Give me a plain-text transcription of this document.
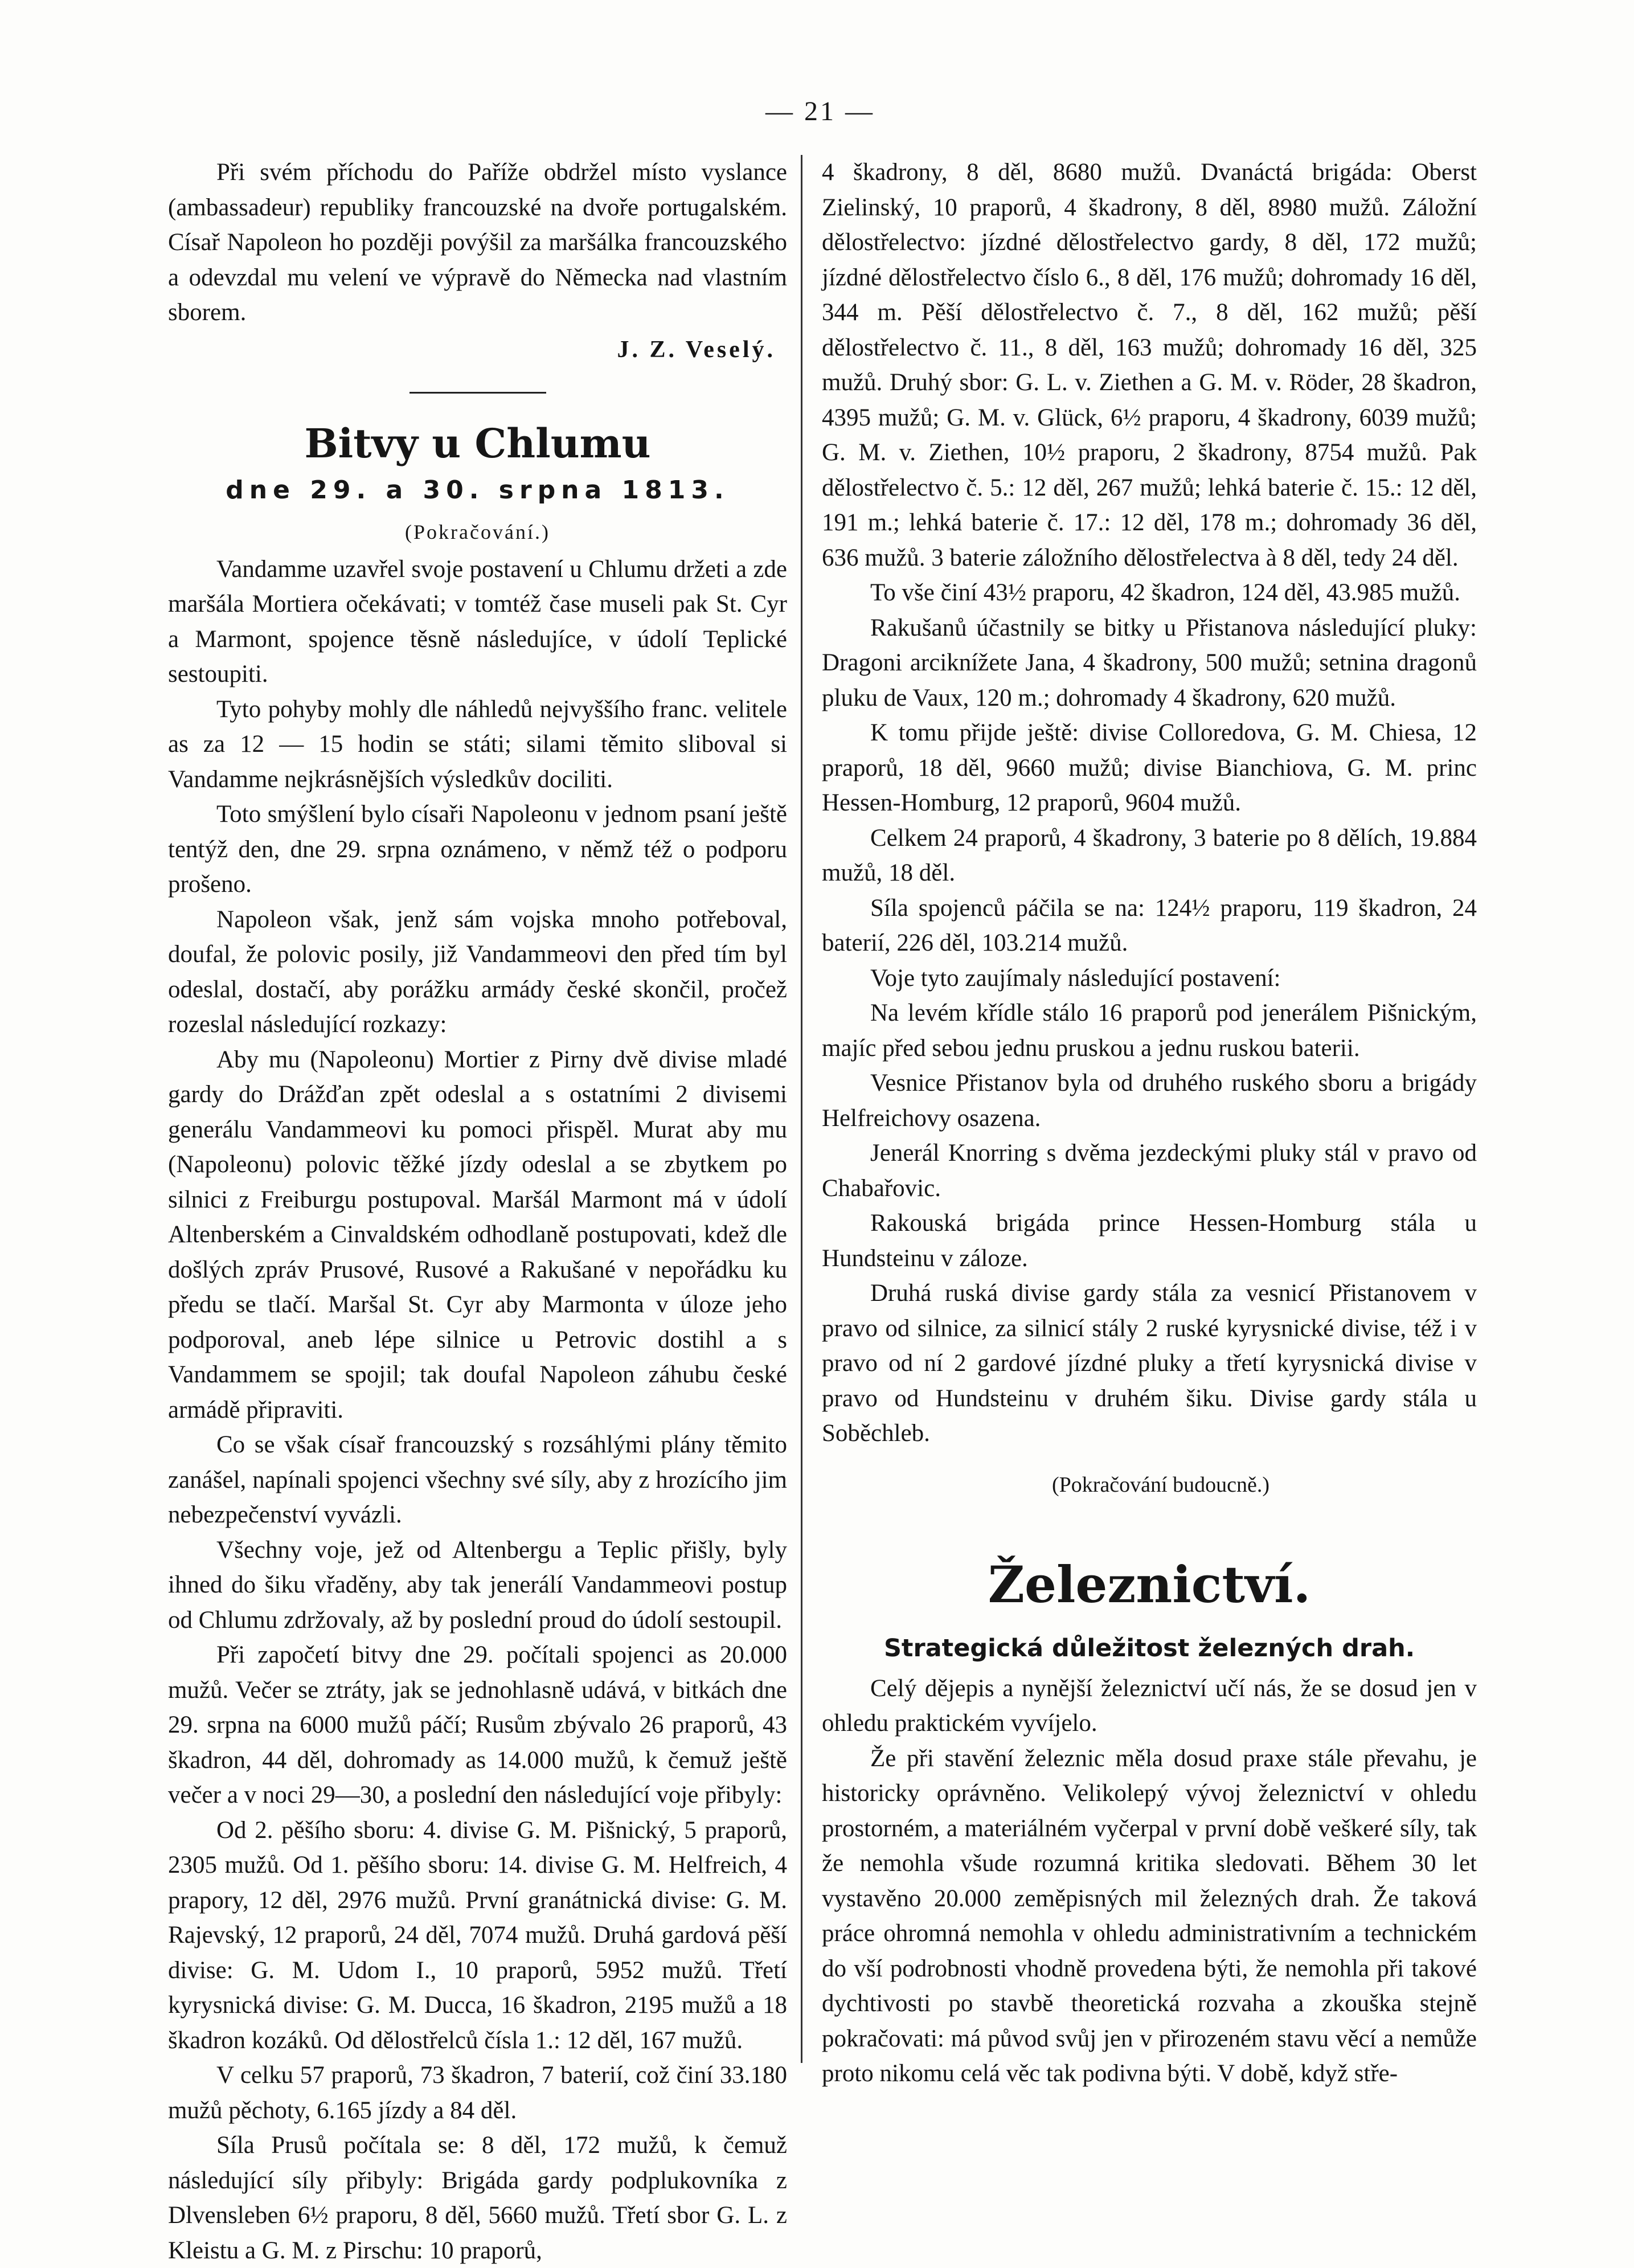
— 21 —

Při svém příchodu do Paříže obdržel místo vyslance (ambassadeur) republiky francouzské na dvoře portugalském. Císař Napoleon ho později povýšil za maršálka francouzského a odevzdal mu velení ve výpravě do Německa nad vlastním sborem.

J. Z. Veselý.
Bitvy u Chlumu
dne 29. a 30. srpna 1813.
(Pokračování.)

Vandamme uzavřel svoje postavení u Chlumu držeti a zde maršála Mortiera očekávati; v tomtéž čase museli pak St. Cyr a Marmont, spojence těsně následujíce, v údolí Teplické sestoupiti.

Tyto pohyby mohly dle náhledů nejvyššího franc. velitele as za 12 — 15 hodin se státi; silami těmito sliboval si Vandamme nejkrásnějších výsledkův dociliti.

Toto smýšlení bylo císaři Napoleonu v jednom psaní ještě tentýž den, dne 29. srpna oznámeno, v němž též o podporu prošeno.

Napoleon však, jenž sám vojska mnoho potřeboval, doufal, že polovic posily, již Vandammeovi den před tím byl odeslal, dostačí, aby porážku armády české skončil, pročež rozeslal následující rozkazy:

Aby mu (Napoleonu) Mortier z Pirny dvě divise mladé gardy do Drážďan zpět odeslal a s ostatními 2 divisemi generálu Vandammeovi ku pomoci přispěl. Murat aby mu (Napoleonu) polovic těžké jízdy odeslal a se zbytkem po silnici z Freiburgu postupoval. Maršál Marmont má v údolí Altenberském a Cinvaldském odhodlaně postupovati, kdež dle došlých zpráv Prusové, Rusové a Rakušané v nepořádku ku předu se tlačí. Maršal St. Cyr aby Marmonta v úloze jeho podporoval, aneb lépe silnice u Petrovic dostihl a s Vandammem se spojil; tak doufal Napoleon záhubu české armádě připraviti.

Co se však císař francouzský s rozsáhlými plány těmito zanášel, napínali spojenci všechny své síly, aby z hrozícího jim nebezpečenství vyvázli.

Všechny voje, jež od Altenbergu a Teplic přišly, byly ihned do šiku vřaděny, aby tak jenerálí Vandammeovi postup od Chlumu zdržovaly, až by poslední proud do údolí sestoupil.

Při započetí bitvy dne 29. počítali spojenci as 20.000 mužů. Večer se ztráty, jak se jednohlasně udává, v bitkách dne 29. srpna na 6000 mužů páčí; Rusům zbývalo 26 praporů, 43 škadron, 44 děl, dohromady as 14.000 mužů, k čemuž ještě večer a v noci 29—30, a poslední den následující voje přibyly:

Od 2. pěšího sboru: 4. divise G. M. Pišnický, 5 praporů, 2305 mužů. Od 1. pěšího sboru: 14. divise G. M. Helfreich, 4 prapory, 12 děl, 2976 mužů. První granátnická divise: G. M. Rajevský, 12 praporů, 24 děl, 7074 mužů. Druhá gardová pěší divise: G. M. Udom I., 10 praporů, 5952 mužů. Třetí kyrysnická divise: G. M. Ducca, 16 škadron, 2195 mužů a 18 škadron kozáků. Od dělostřelců čísla 1.: 12 děl, 167 mužů.

V celku 57 praporů, 73 škadron, 7 baterií, což činí 33.180 mužů pěchoty, 6.165 jízdy a 84 děl.

Síla Prusů počítala se: 8 děl, 172 mužů, k čemuž následující síly přibyly: Brigáda gardy podplukovníka z Dlvensleben 6½ praporu, 8 děl, 5660 mužů. Třetí sbor G. L. z Kleistu a G. M. z Pirschu: 10 praporů,

4 škadrony, 8 děl, 8680 mužů. Dvanáctá brigáda: Oberst Zielinský, 10 praporů, 4 škadrony, 8 děl, 8980 mužů. Záložní dělostřelectvo: jízdné dělostřelectvo gardy, 8 děl, 172 mužů; jízdné dělostřelectvo číslo 6., 8 děl, 176 mužů; dohromady 16 děl, 344 m. Pěší dělostřelectvo č. 7., 8 děl, 162 mužů; pěší dělostřelectvo č. 11., 8 děl, 163 mužů; dohromady 16 děl, 325 mužů. Druhý sbor: G. L. v. Ziethen a G. M. v. Röder, 28 škadron, 4395 mužů; G. M. v. Glück, 6½ praporu, 4 škadrony, 6039 mužů; G. M. v. Ziethen, 10½ praporu, 2 škadrony, 8754 mužů. Pak dělostřelectvo č. 5.: 12 děl, 267 mužů; lehká baterie č. 15.: 12 děl, 191 m.; lehká baterie č. 17.: 12 děl, 178 m.; dohromady 36 děl, 636 mužů. 3 baterie záložního dělostřelectva à 8 děl, tedy 24 děl.

To vše činí 43½ praporu, 42 škadron, 124 děl, 43.985 mužů.

Rakušanů účastnily se bitky u Přistanova následující pluky: Dragoni arciknížete Jana, 4 škadrony, 500 mužů; setnina dragonů pluku de Vaux, 120 m.; dohromady 4 škadrony, 620 mužů.

K tomu přijde ještě: divise Colloredova, G. M. Chiesa, 12 praporů, 18 děl, 9660 mužů; divise Bianchiova, G. M. princ Hessen-Homburg, 12 praporů, 9604 mužů.

Celkem 24 praporů, 4 škadrony, 3 baterie po 8 dělích, 19.884 mužů, 18 děl.

Síla spojenců páčila se na: 124½ praporu, 119 škadron, 24 baterií, 226 děl, 103.214 mužů.

Voje tyto zaujímaly následující postavení:

Na levém křídle stálo 16 praporů pod jenerálem Pišnickým, majíc před sebou jednu pruskou a jednu ruskou baterii.

Vesnice Přistanov byla od druhého ruského sboru a brigády Helfreichovy osazena.

Jenerál Knorring s dvěma jezdeckými pluky stál v pravo od Chabařovic.

Rakouská brigáda prince Hessen-Homburg stála u Hundsteinu v záloze.

Druhá ruská divise gardy stála za vesnicí Přistanovem v pravo od silnice, za silnicí stály 2 ruské kyrysnické divise, též i v pravo od ní 2 gardové jízdné pluky a třetí kyrysnická divise v pravo od Hundsteinu v druhém šiku. Divise gardy stála u Soběchleb.

(Pokračování budoucně.)
Železnictví.
Strategická důležitost železných drah.

Celý dějepis a nynější železnictví učí nás, že se dosud jen v ohledu praktickém vyvíjelo.

Že při stavění železnic měla dosud praxe stále převahu, je historicky oprávněno. Velikolepý vývoj železnictví v ohledu prostorném, a materiálném vyčerpal v první době veškeré síly, tak že nemohla všude rozumná kritika sledovati. Během 30 let vystavěno 20.000 zeměpisných mil železných drah. Že taková práce ohromná nemohla v ohledu administrativním a technickém do vší podrobnosti vhodně provedena býti, že nemohla při takové dychtivosti po stavbě theoretická rozvaha a zkouška stejně pokračovati: má původ svůj jen v přirozeném stavu věcí a nemůže proto nikomu celá věc tak podivna býti. V době, když stře-
